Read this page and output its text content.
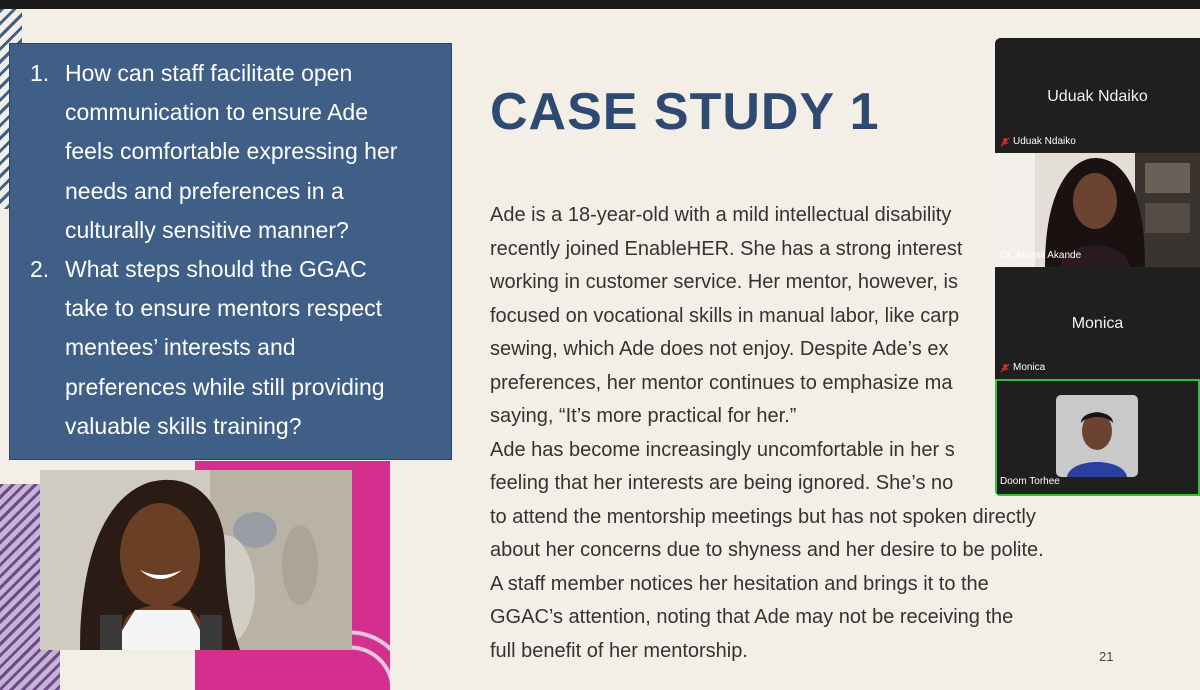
1. How can staff facilitate open
communication to ensure Ade
feels comfortable expressing her
needs and preferences in a
culturally sensitive manner?
2. What steps should the GGAC
take to ensure mentors respect
mentees’ interests and
preferences while still providing
valuable skills training?
CASE STUDY 1
Ade is a 18-year-old with a mild intellectual disability
recently joined EnableHER. She has a strong interest
working in customer service. Her mentor, however, is
focused on vocational skills in manual labor, like carp
sewing, which Ade does not enjoy. Despite Ade’s ex
preferences, her mentor continues to emphasize ma
saying, “It’s more practical for her.”
Ade has become increasingly uncomfortable in her s
feeling that her interests are being ignored. She’s no
to attend the mentorship meetings but has not spoken directly
about her concerns due to shyness and her desire to be polite.
A staff member notices her hesitation and brings it to the
GGAC’s attention, noting that Ade may not be receiving the
full benefit of her mentorship.	21
Uduak Ndaiko
Uduak Ndaiko
Dr. Abigail Akande
Monica
Monica
Doom Torhee
